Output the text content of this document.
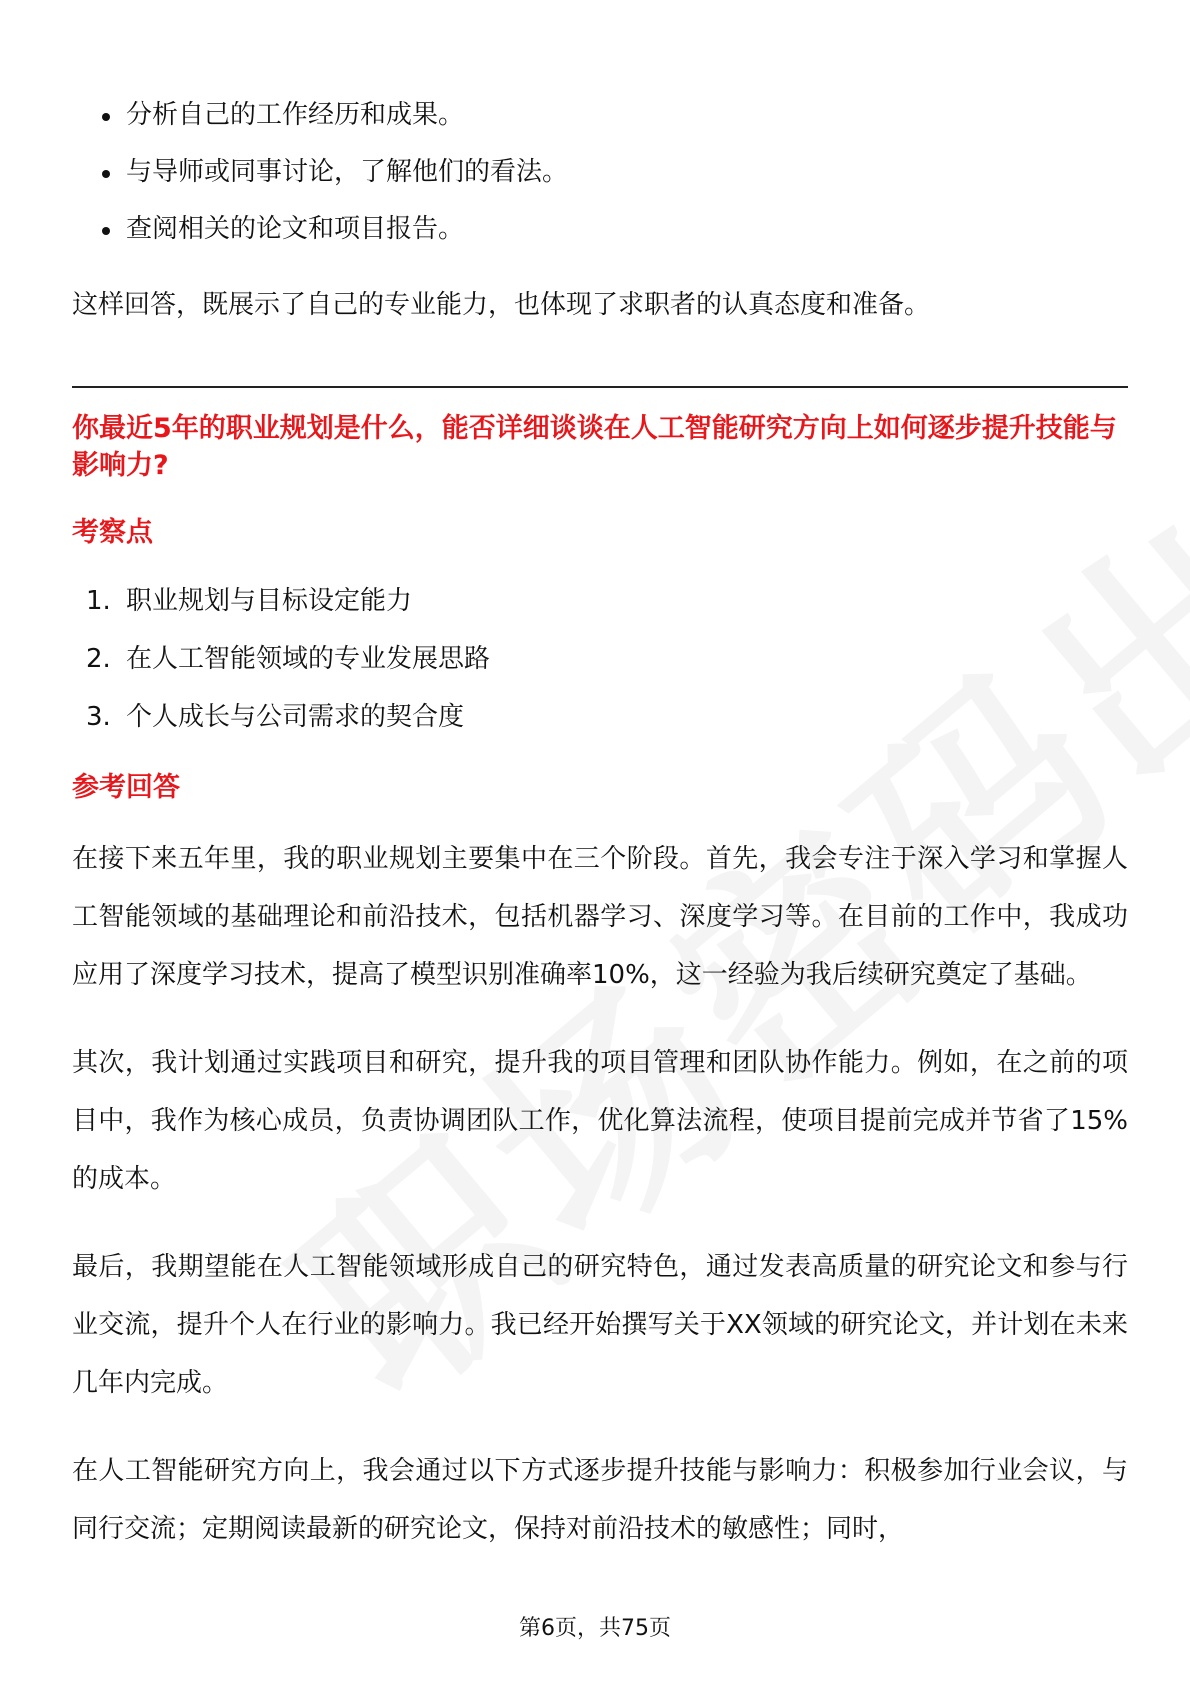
分析自己的工作经历和成果。
与导师或同事讨论，了解他们的看法。
查阅相关的论文和项目报告。

这样回答，既展示了自己的专业能力，也体现了求职者的认真态度和准备。

你最近5年的职业规划是什么，能否详细谈谈在人工智能研究方向上如何逐步提升技能与影响力?
考察点
1. 职业规划与目标设定能力
2. 在人工智能领域的专业发展思路
3. 个人成长与公司需求的契合度
参考回答

在接下来五年里，我的职业规划主要集中在三个阶段。首先，我会专注于深入学习和掌握人工智能领域的基础理论和前沿技术，包括机器学习、深度学习等。在目前的工作中，我成功应用了深度学习技术，提高了模型识别准确率10%，这一经验为我后续研究奠定了基础。

其次，我计划通过实践项目和研究，提升我的项目管理和团队协作能力。例如，在之前的项目中，我作为核心成员，负责协调团队工作，优化算法流程，使项目提前完成并节省了15%的成本。

最后，我期望能在人工智能领域形成自己的研究特色，通过发表高质量的研究论文和参与行业交流，提升个人在行业的影响力。我已经开始撰写关于XX领域的研究论文，并计划在未来几年内完成。

在人工智能研究方向上，我会通过以下方式逐步提升技能与影响力：积极参加行业会议，与同行交流；定期阅读最新的研究论文，保持对前沿技术的敏感性；同时，

第6页，共75页
